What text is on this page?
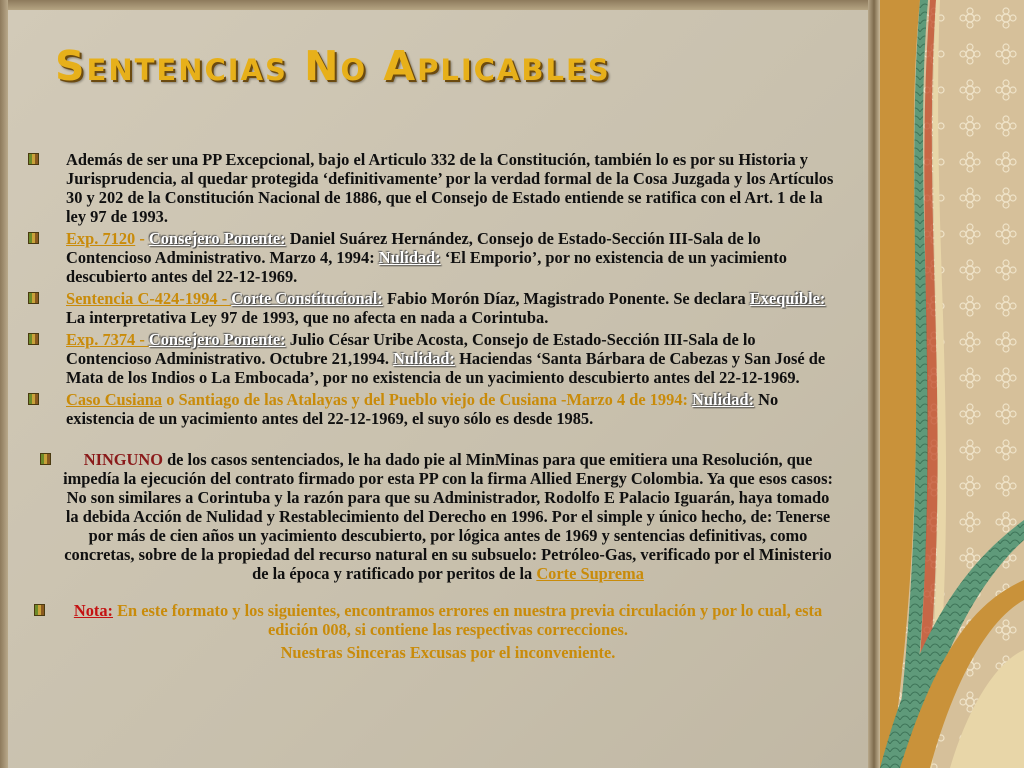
Sentencias No Aplicables
Además de ser una PP Excepcional, bajo el Articulo 332 de la Constitución, también lo es por su Historia y Jurisprudencia, al quedar protegida ‘definitivamente’ por la verdad formal de la Cosa Juzgada y los Artículos 30 y 202 de la Constitución Nacional de 1886, que el Consejo de Estado entiende se ratifica con el Art. 1 de la ley 97 de 1993.
Exp. 7120 - Consejero Ponente: Daniel Suárez Hernández, Consejo de Estado-Sección III-Sala de lo Contencioso Administrativo. Marzo 4, 1994: Nulidad: ‘El Emporio’, por no existencia de un yacimiento descubierto antes del 22-12-1969.
Sentencia C-424-1994 - Corte Constitucional: Fabio Morón Díaz, Magistrado Ponente. Se declara Exequible: La interpretativa Ley 97 de 1993, que no afecta en nada a Corintuba.
Exp. 7374 - Consejero Ponente: Julio César Uribe Acosta, Consejo de Estado-Sección III-Sala de lo Contencioso Administrativo. Octubre 21,1994. Nulidad: Haciendas ‘Santa Bárbara de Cabezas y San José de Mata de los Indios o La Embocada’, por no existencia de un yacimiento descubierto antes del 22-12-1969.
Caso Cusiana o Santiago de las Atalayas y del Pueblo viejo de Cusiana -Marzo 4 de 1994: Nulidad: No existencia de un yacimiento antes del 22-12-1969, el suyo sólo es desde 1985.
NINGUNO de los casos sentenciados, le ha dado pie al MinMinas para que emitiera una Resolución, que impedía la ejecución del contrato firmado por esta PP con la firma Allied Energy Colombia. Ya que esos casos: No son similares a Corintuba y la razón para que su Administrador, Rodolfo E Palacio Iguarán, haya tomado la debida Acción de Nulidad y Restablecimiento del Derecho en 1996. Por el simple y único hecho, de: Tenerse por más de cien años un yacimiento descubierto, por lógica antes de 1969 y sentencias definitivas, como concretas, sobre de la propiedad del recurso natural en su subsuelo: Petróleo-Gas, verificado por el Ministerio de la época y ratificado por peritos de la Corte Suprema
Nota: En este formato y los siguientes, encontramos errores en nuestra previa circulación y por lo cual, esta edición 008, si contiene las respectivas correcciones.
Nuestras Sinceras Excusas por el inconveniente.
